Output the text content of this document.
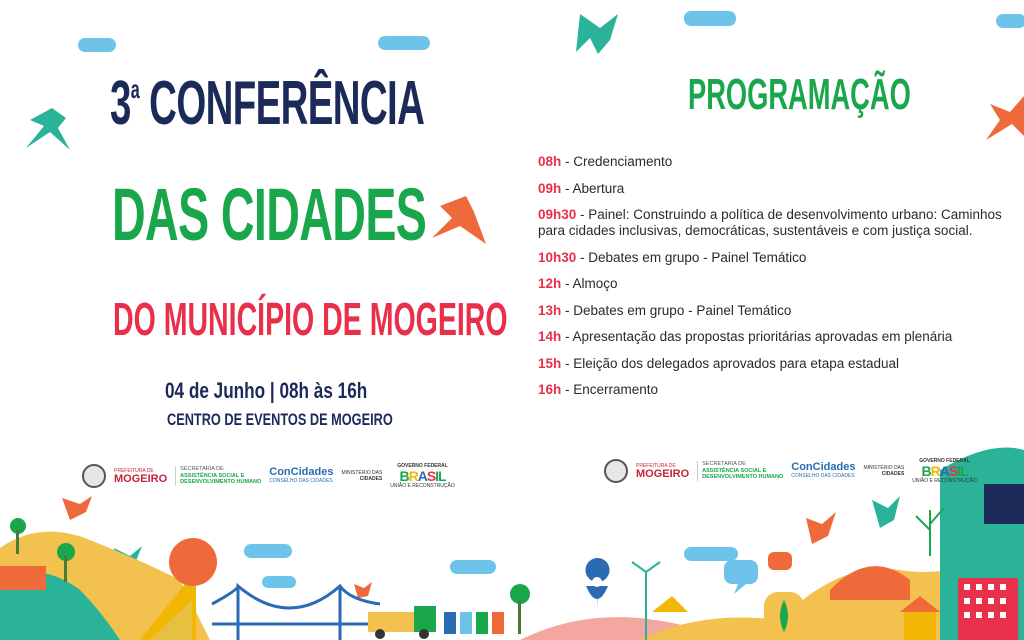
3$^a$ CONFERÊNCIA
DAS CIDADES
DO MUNICÍPIO DE MOGEIRO
04 de Junho | 08h às 16h
CENTRO DE EVENTOS DE MOGEIRO
PREFEITURA DE
MOGEIRO
SECRETARIA DE
ASSISTÊNCIA SOCIAL E
DESENVOLVIMENTO HUMANO
ConCidades
CONSELHO DAS CIDADES
MINISTÉRIO DAS
CIDADES
GOVERNO FEDERAL
BRASIL
UNIÃO E RECONSTRUÇÃO
PROGRAMAÇÃO
08h - Credenciamento
09h - Abertura
09h30 - Painel: Construindo a política de desenvolvimento urbano: Caminhos para cidades inclusivas, democráticas, sustentáveis e com justiça social.
10h30 - Debates em grupo - Painel Temático
12h - Almoço
13h - Debates em grupo - Painel Temático
14h - Apresentação das propostas prioritárias aprovadas em plenária
15h - Eleição dos delegados aprovados para etapa estadual
16h - Encerramento
PREFEITURA DE
MOGEIRO
SECRETARIA DE
ASSISTÊNCIA SOCIAL E
DESENVOLVIMENTO HUMANO
ConCidades
CONSELHO DAS CIDADES
MINISTÉRIO DAS
CIDADES
GOVERNO FEDERAL
BRASIL
UNIÃO E RECONSTRUÇÃO
